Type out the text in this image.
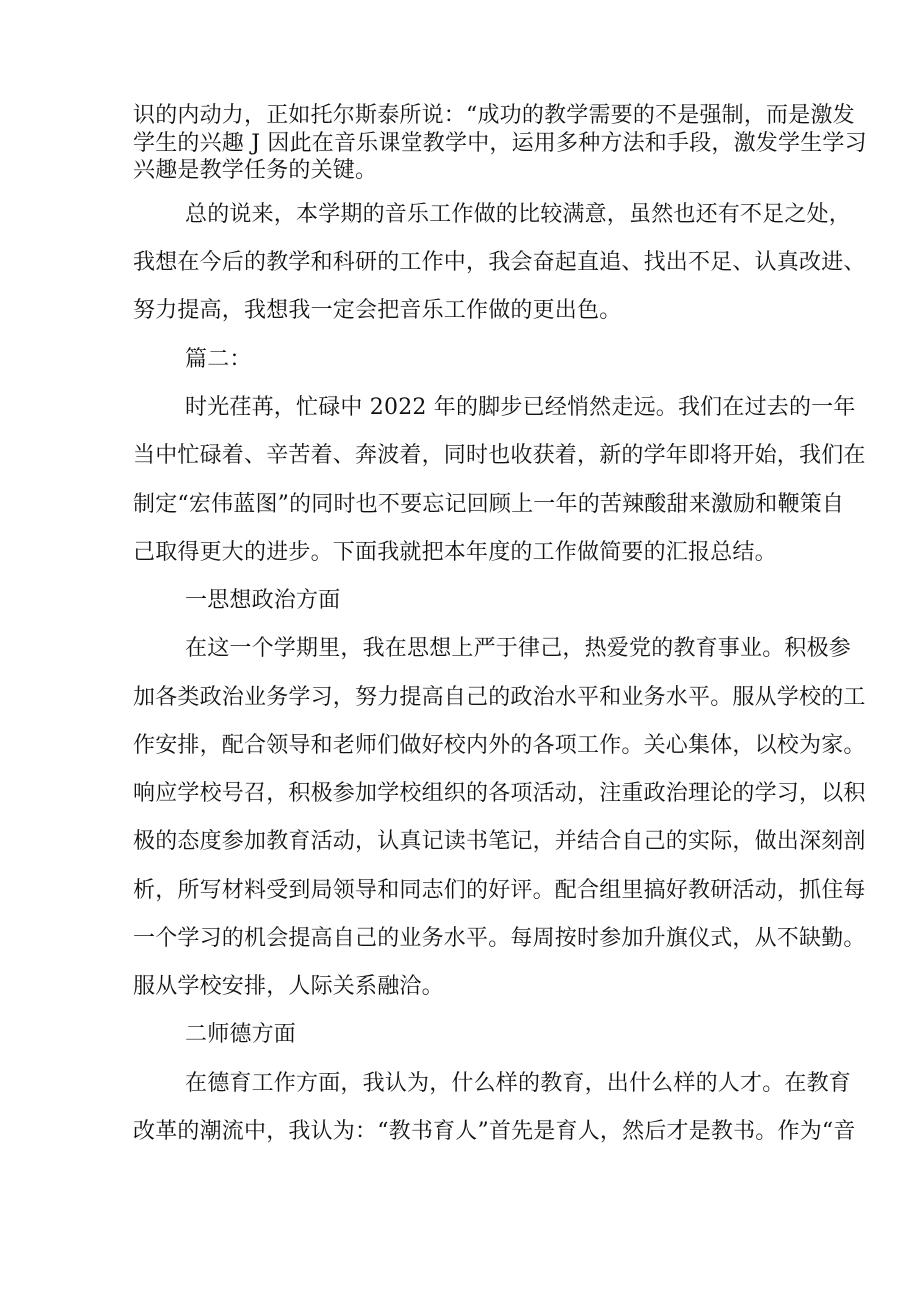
识的内动力，正如托尔斯泰所说：“成功的教学需要的不是强制，而是激发

学生的兴趣 J 因此在音乐课堂教学中，运用多种方法和手段，激发学生学习

兴趣是教学任务的关键。

总的说来，本学期的音乐工作做的比较满意，虽然也还有不足之处，

我想在今后的教学和科研的工作中，我会奋起直追、找出不足、认真改进、

努力提高，我想我一定会把音乐工作做的更出色。

篇二：

时光荏苒，忙碌中 2022 年的脚步已经悄然走远。我们在过去的一年

当中忙碌着、辛苦着、奔波着，同时也收获着，新的学年即将开始，我们在

制定“宏伟蓝图”的同时也不要忘记回顾上一年的苦辣酸甜来激励和鞭策自

己取得更大的进步。下面我就把本年度的工作做简要的汇报总结。

一思想政治方面

在这一个学期里，我在思想上严于律己，热爱党的教育事业。积极参

加各类政治业务学习，努力提高自己的政治水平和业务水平。服从学校的工

作安排，配合领导和老师们做好校内外的各项工作。关心集体，以校为家。

响应学校号召，积极参加学校组织的各项活动，注重政治理论的学习，以积

极的态度参加教育活动，认真记读书笔记，并结合自己的实际，做出深刻剖

析，所写材料受到局领导和同志们的好评。配合组里搞好教研活动，抓住每

一个学习的机会提高自己的业务水平。每周按时参加升旗仪式，从不缺勤。

服从学校安排，人际关系融洽。

二师德方面

在德育工作方面，我认为，什么样的教育，出什么样的人才。在教育

改革的潮流中，我认为：“教书育人”首先是育人，然后才是教书。作为“音
